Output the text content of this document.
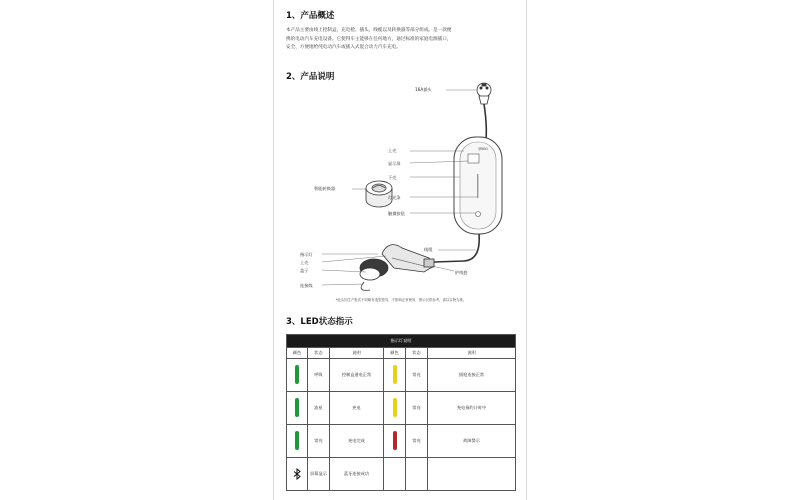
1、产品概述
本产品主要由线上控制盒、充电枪、插头、线缆以及转换器等部分组成。是一款便
携的电动汽车充电设备。它使得车主能够在任何地方，通过标准的家庭电源插口，
安全、方便地给纯电动汽车或插入式混合动力汽车充电。
2、产品说明
@BBG
16A插头
上壳
显示屏
下壳
灯光条
触摸按钮
智能转换器
线缆
指示灯
上壳
盖子
连接线
护线套
*此头因生产批次不同略有造型差异，不影响正常使用，图示仅供参考，请以实物为准。
3、LED状态指示
指示灯说明					
颜色	状态	说明	颜色	状态	说明
	呼吸	控制盒通电正常		常亮	插枪连接正常
	流星	充电		常亮	充电预约计时中
	常亮	充电完成		常亮	故障警示
	屏幕显示	蓝牙连接成功			
